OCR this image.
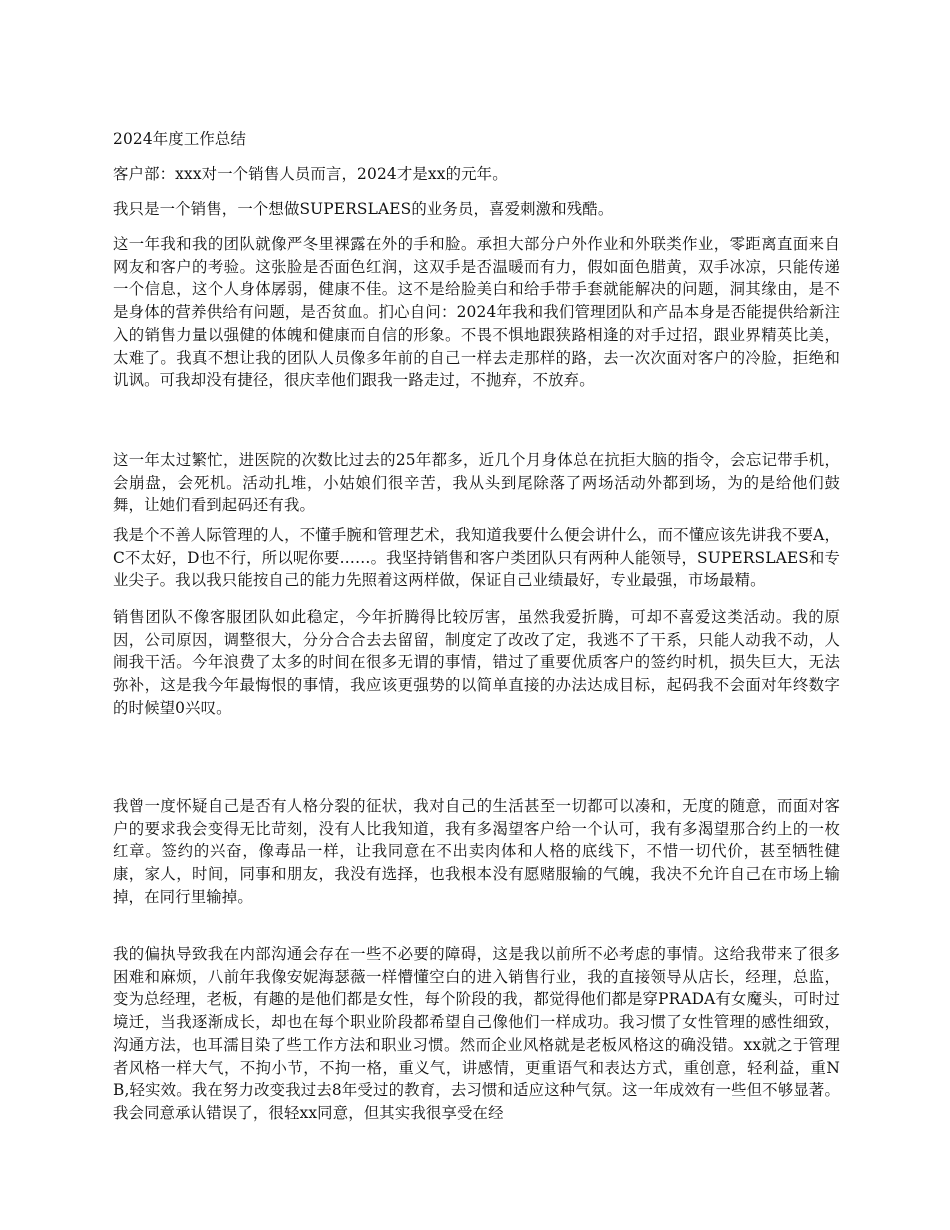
2024年度工作总结

客户部：xxx对一个销售人员而言，2024才是xx的元年。

我只是一个销售，一个想做SUPERSLAES的业务员，喜爱刺激和残酷。

这一年我和我的团队就像严冬里裸露在外的手和脸。承担大部分户外作业和外联类作业，零距离直面来自网友和客户的考验。这张脸是否面色红润，这双手是否温暖而有力，假如面色腊黄，双手冰凉，只能传递一个信息，这个人身体孱弱，健康不佳。这不是给脸美白和给手带手套就能解决的问题，洞其缘由，是不是身体的营养供给有问题，是否贫血。扪心自问：2024年我和我们管理团队和产品本身是否能提供给新注入的销售力量以强健的体魄和健康而自信的形象。不畏不惧地跟狭路相逢的对手过招，跟业界精英比美，太难了。我真不想让我的团队人员像多年前的自己一样去走那样的路，去一次次面对客户的冷脸，拒绝和讥讽。可我却没有捷径，很庆幸他们跟我一路走过，不抛弃，不放弃。

这一年太过繁忙，进医院的次数比过去的25年都多，近几个月身体总在抗拒大脑的指令，会忘记带手机，会崩盘，会死机。活动扎堆，小姑娘们很辛苦，我从头到尾除落了两场活动外都到场，为的是给他们鼓舞，让她们看到起码还有我。

我是个不善人际管理的人，不懂手腕和管理艺术，我知道我要什么便会讲什么，而不懂应该先讲我不要A，C不太好，D也不行，所以呢你要……。我坚持销售和客户类团队只有两种人能领导，SUPERSLAES和专业尖子。我以我只能按自己的能力先照着这两样做，保证自己业绩最好，专业最强，市场最精。

销售团队不像客服团队如此稳定，今年折腾得比较厉害，虽然我爱折腾，可却不喜爱这类活动。我的原因，公司原因，调整很大，分分合合去去留留，制度定了改改了定，我逃不了干系，只能人动我不动，人闹我干活。今年浪费了太多的时间在很多无谓的事情，错过了重要优质客户的签约时机，损失巨大，无法弥补，这是我今年最悔恨的事情，我应该更强势的以简单直接的办法达成目标，起码我不会面对年终数字的时候望0兴叹。

我曾一度怀疑自己是否有人格分裂的征状，我对自己的生活甚至一切都可以凑和，无度的随意，而面对客户的要求我会变得无比苛刻，没有人比我知道，我有多渴望客户给一个认可，我有多渴望那合约上的一枚红章。签约的兴奋，像毒品一样，让我同意在不出卖肉体和人格的底线下，不惜一切代价，甚至牺牲健康，家人，时间，同事和朋友，我没有选择，也我根本没有愿赌服输的气魄，我决不允许自己在市场上输掉，在同行里输掉。

我的偏执导致我在内部沟通会存在一些不必要的障碍，这是我以前所不必考虑的事情。这给我带来了很多困难和麻烦，八前年我像安妮海瑟薇一样懵懂空白的进入销售行业，我的直接领导从店长，经理，总监，变为总经理，老板，有趣的是他们都是女性，每个阶段的我，都觉得他们都是穿PRADA有女魔头，可时过境迁，当我逐渐成长，却也在每个职业阶段都希望自己像他们一样成功。我习惯了女性管理的感性细致，沟通方法，也耳濡目染了些工作方法和职业习惯。然而企业风格就是老板风格这的确没错。xx就之于管理者风格一样大气，不拘小节，不拘一格，重义气，讲感情，更重语气和表达方式，重创意，轻利益，重NB,轻实效。我在努力改变我过去8年受过的教育，去习惯和适应这种气氛。这一年成效有一些但不够显著。我会同意承认错误了，很轻xx同意，但其实我很享受在经
